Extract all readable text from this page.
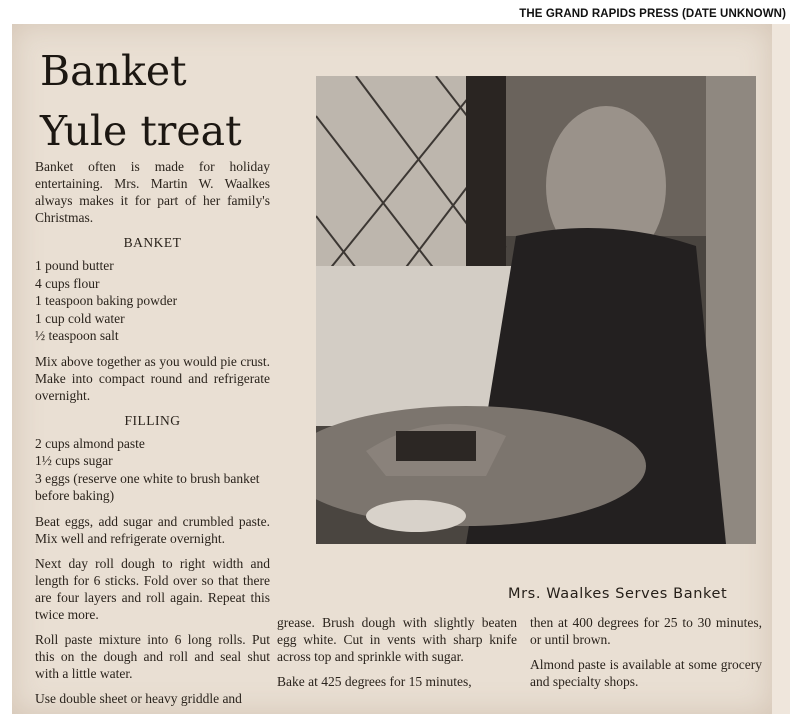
THE GRAND RAPIDS PRESS (DATE UNKNOWN)
Banket
Yule treat

Banket often is made for holiday entertaining. Mrs. Martin W. Waalkes always makes it for part of her family's Christmas.

BANKET
1 pound butter
4 cups flour
1 teaspoon baking powder
1 cup cold water
½ teaspoon salt

Mix above together as you would pie crust. Make into compact round and refrigerate overnight.

FILLING
2 cups almond paste
1½ cups sugar
3 eggs (reserve one white to brush banket before baking)

Beat eggs, add sugar and crumbled paste. Mix well and refrigerate overnight.

Next day roll dough to right width and length for 6 sticks. Fold over so that there are four layers and roll again. Repeat this twice more.

Roll paste mixture into 6 long rolls. Put this on the dough and roll and seal shut with a little water.

Use double sheet or heavy griddle and

Mrs. Waalkes Serves Banket

grease. Brush dough with slightly beaten egg white. Cut in vents with sharp knife across top and sprinkle with sugar.

Bake at 425 degrees for 15 minutes,

then at 400 degrees for 25 to 30 minutes, or until brown.

Almond paste is available at some grocery and specialty shops.
